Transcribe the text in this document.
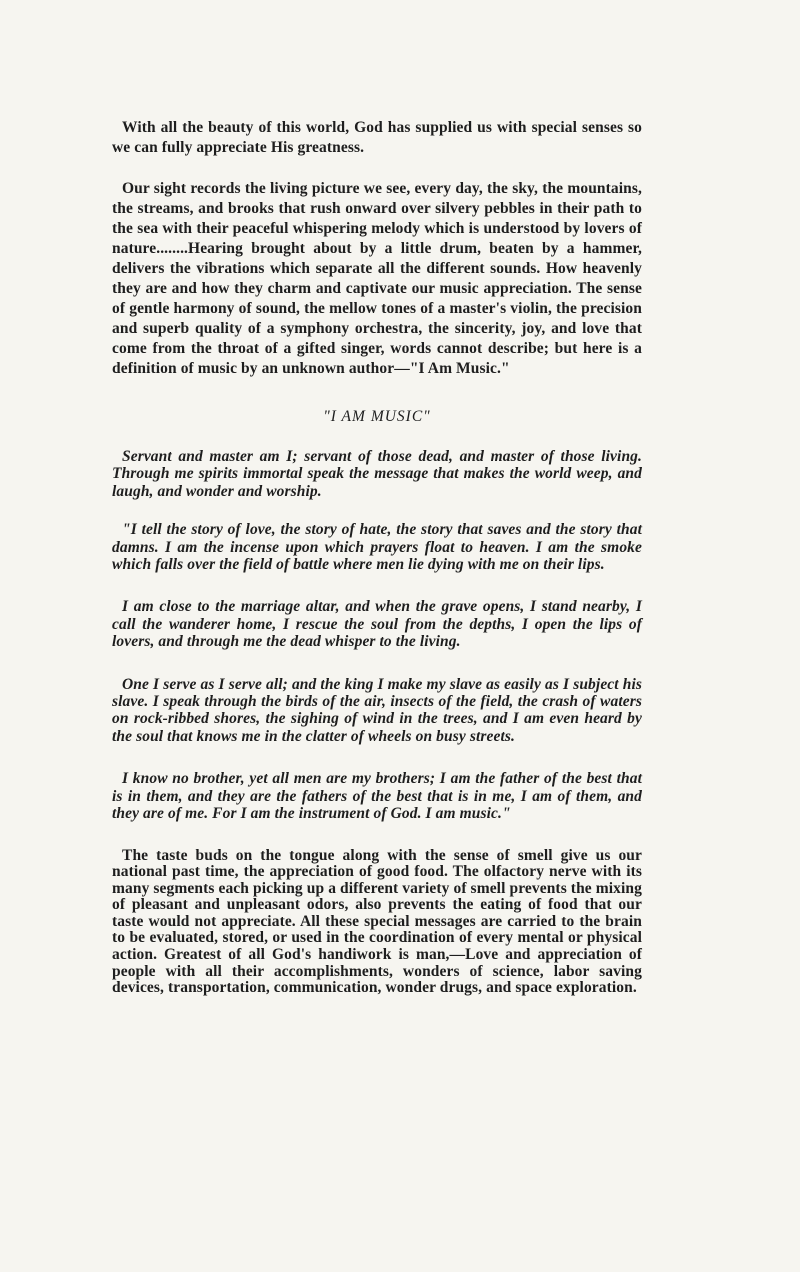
With all the beauty of this world, God has supplied us with special senses so we can fully appreciate His greatness.

Our sight records the living picture we see, every day, the sky, the mountains, the streams, and brooks that rush onward over silvery pebbles in their path to the sea with their peaceful whispering melody which is understood by lovers of nature........Hearing brought about by a little drum, beaten by a hammer, delivers the vibrations which separate all the different sounds. How heavenly they are and how they charm and captivate our music appreciation. The sense of gentle harmony of sound, the mellow tones of a master's violin, the precision and superb quality of a symphony orchestra, the sincerity, joy, and love that come from the throat of a gifted singer, words cannot describe; but here is a definition of music by an unknown author—"I Am Music."

"I AM MUSIC"

Servant and master am I; servant of those dead, and master of those living. Through me spirits immortal speak the message that makes the world weep, and laugh, and wonder and worship.

"I tell the story of love, the story of hate, the story that saves and the story that damns. I am the incense upon which prayers float to heaven. I am the smoke which falls over the field of battle where men lie dying with me on their lips.

I am close to the marriage altar, and when the grave opens, I stand nearby, I call the wanderer home, I rescue the soul from the depths, I open the lips of lovers, and through me the dead whisper to the living.

One I serve as I serve all; and the king I make my slave as easily as I subject his slave. I speak through the birds of the air, insects of the field, the crash of waters on rock-ribbed shores, the sighing of wind in the trees, and I am even heard by the soul that knows me in the clatter of wheels on busy streets.

I know no brother, yet all men are my brothers; I am the father of the best that is in them, and they are the fathers of the best that is in me, I am of them, and they are of me. For I am the instrument of God. I am music."

The taste buds on the tongue along with the sense of smell give us our national past time, the appreciation of good food. The olfactory nerve with its many segments each picking up a different variety of smell prevents the mixing of pleasant and unpleasant odors, also prevents the eating of food that our taste would not appreciate. All these special messages are carried to the brain to be evaluated, stored, or used in the coordination of every mental or physical action. Greatest of all God's handiwork is man,—Love and appreciation of people with all their accomplishments, wonders of science, labor saving devices, transportation, communication, wonder drugs, and space exploration.
